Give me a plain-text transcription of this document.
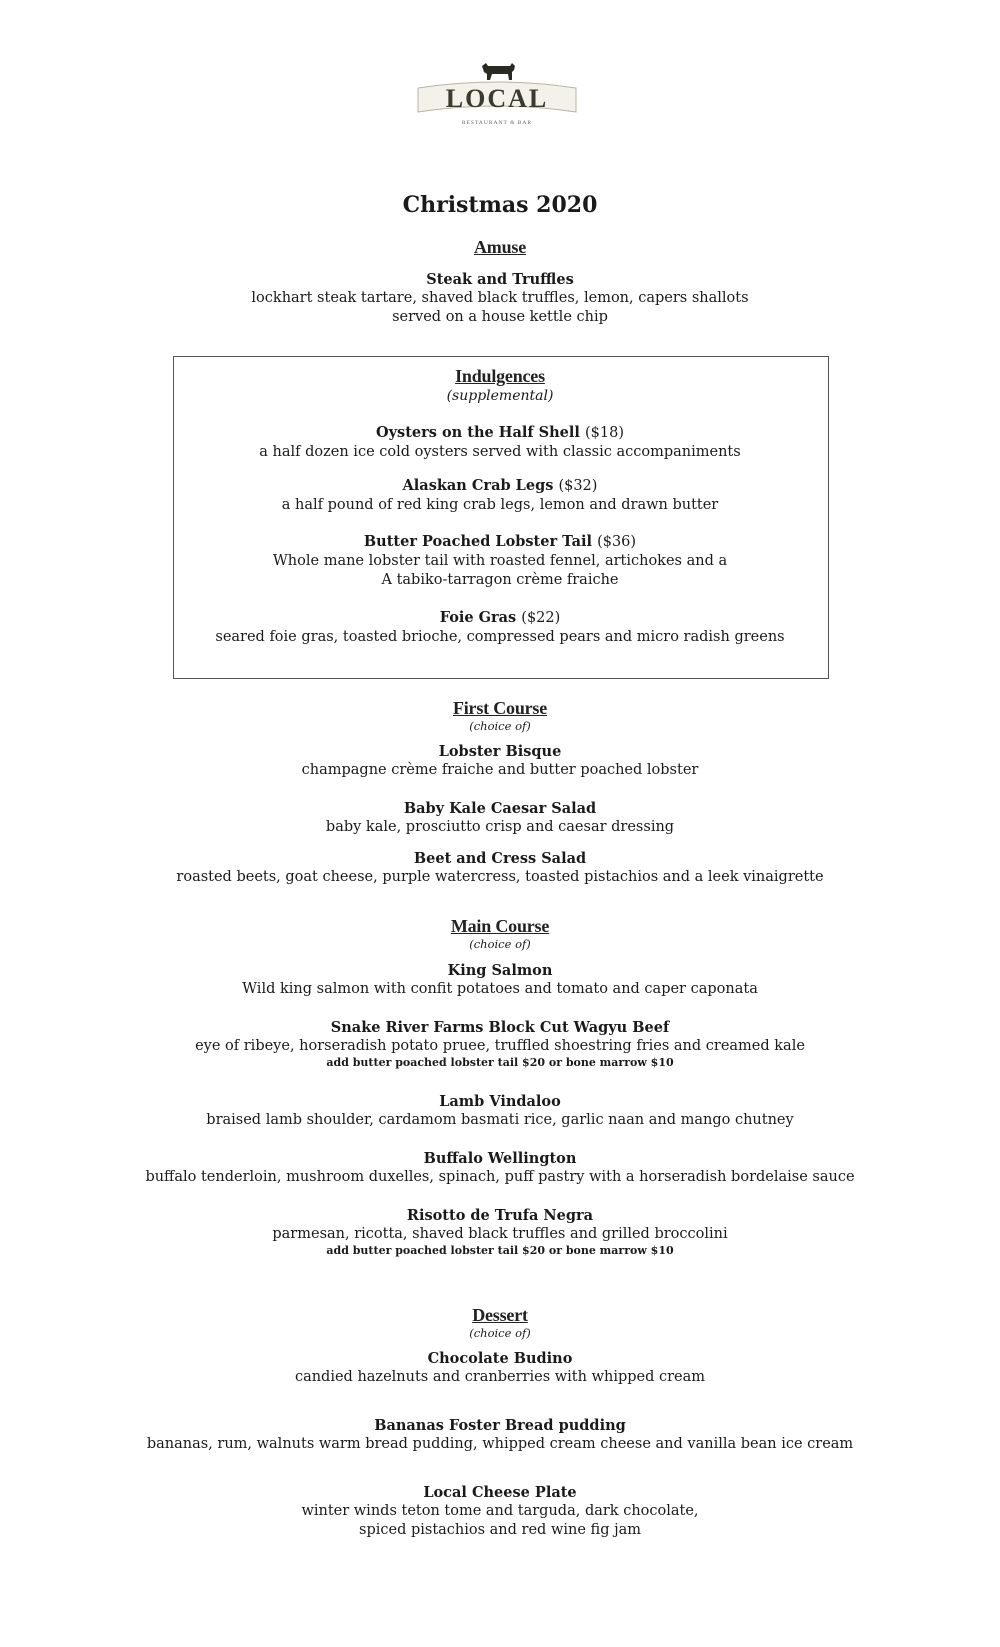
LOCAL
RESTAURANT & BAR
Christmas 2020
Amuse
Steak and Truffles
lockhart steak tartare, shaved black truffles, lemon, capers shallots
served on a house kettle chip
Indulgences
(supplemental)
Oysters on the Half Shell ($18)
a half dozen ice cold oysters served with classic accompaniments
Alaskan Crab Legs ($32)
a half pound of red king crab legs, lemon and drawn butter
Butter Poached Lobster Tail ($36)
Whole mane lobster tail with roasted fennel, artichokes and a
A tabiko-tarragon crème fraiche
Foie Gras ($22)
seared foie gras, toasted brioche, compressed pears and micro radish greens
First Course
(choice of)
Lobster Bisque
champagne crème fraiche and butter poached lobster
Baby Kale Caesar Salad
baby kale, prosciutto crisp and caesar dressing
Beet and Cress Salad
roasted beets, goat cheese, purple watercress, toasted pistachios and a leek vinaigrette
Main Course
(choice of)
King Salmon
Wild king salmon with confit potatoes and tomato and caper caponata
Snake River Farms Block Cut Wagyu Beef
eye of ribeye, horseradish potato pruee, truffled shoestring fries and creamed kale
add butter poached lobster tail $20 or bone marrow $10
Lamb Vindaloo
braised lamb shoulder, cardamom basmati rice, garlic naan and mango chutney
Buffalo Wellington
buffalo tenderloin, mushroom duxelles, spinach, puff pastry with a horseradish bordelaise sauce
Risotto de Trufa Negra
parmesan, ricotta, shaved black truffles and grilled broccolini
add butter poached lobster tail $20 or bone marrow $10
Dessert
(choice of)
Chocolate Budino
candied hazelnuts and cranberries with whipped cream
Bananas Foster Bread pudding
bananas, rum, walnuts warm bread pudding, whipped cream cheese and vanilla bean ice cream
Local Cheese Plate
winter winds teton tome and targuda, dark chocolate,
spiced pistachios and red wine fig jam
